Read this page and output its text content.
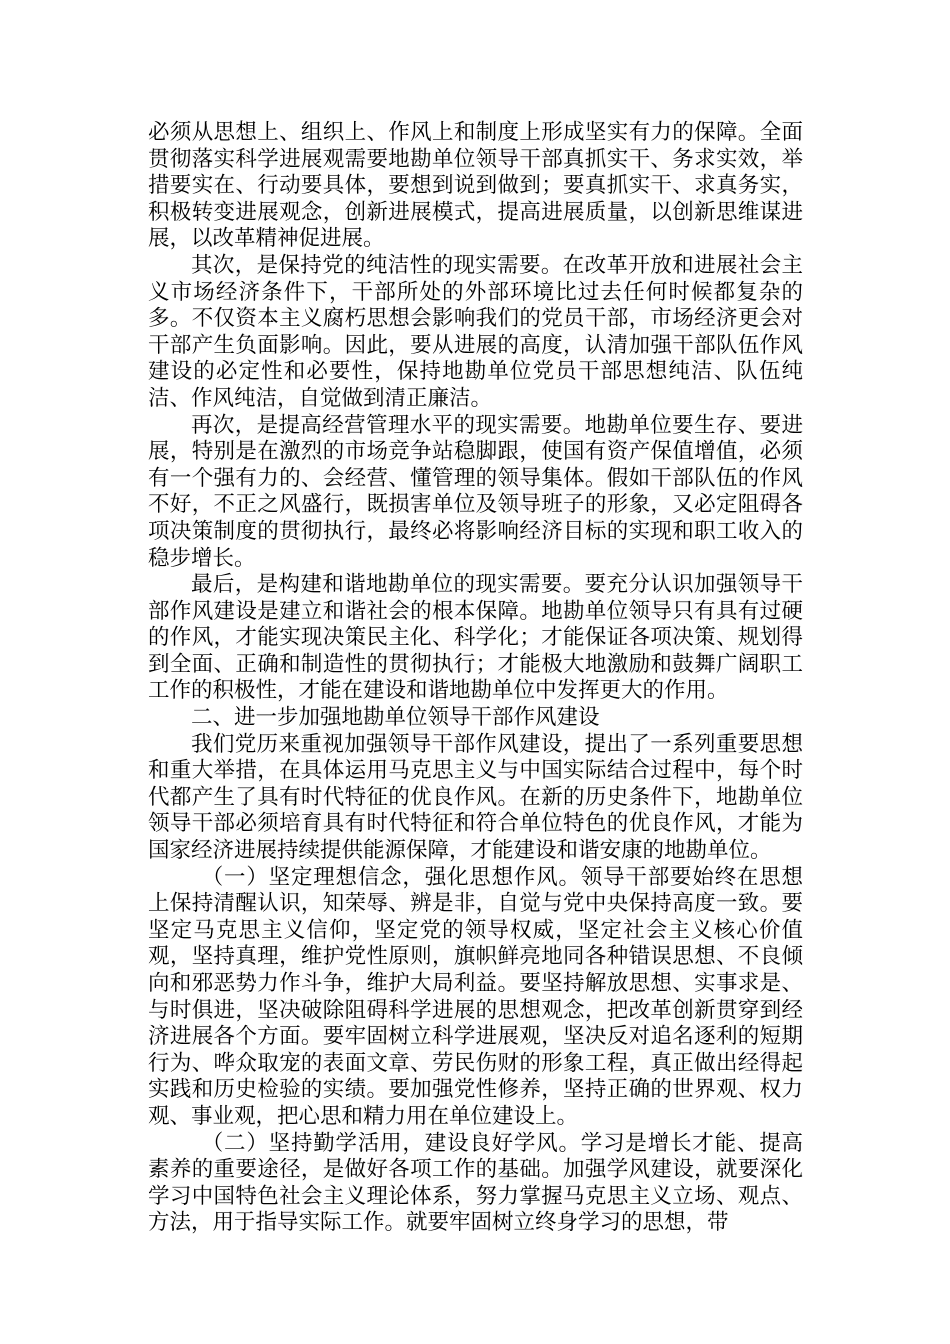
必须从思想上、组织上、作风上和制度上形成坚实有力的保障。全面贯彻落实科学进展观需要地勘单位领导干部真抓实干、务求实效，举措要实在、行动要具体，要想到说到做到；要真抓实干、求真务实，积极转变进展观念，创新进展模式，提高进展质量，以创新思维谋进展，以改革精神促进展。

其次，是保持党的纯洁性的现实需要。在改革开放和进展社会主义市场经济条件下，干部所处的外部环境比过去任何时候都复杂的多。不仅资本主义腐朽思想会影响我们的党员干部，市场经济更会对干部产生负面影响。因此，要从进展的高度，认清加强干部队伍作风建设的必定性和必要性，保持地勘单位党员干部思想纯洁、队伍纯洁、作风纯洁，自觉做到清正廉洁。

再次，是提高经营管理水平的现实需要。地勘单位要生存、要进展，特别是在激烈的市场竞争站稳脚跟，使国有资产保值增值，必须有一个强有力的、会经营、懂管理的领导集体。假如干部队伍的作风不好，不正之风盛行，既损害单位及领导班子的形象，又必定阻碍各项决策制度的贯彻执行，最终必将影响经济目标的实现和职工收入的稳步增长。

最后，是构建和谐地勘单位的现实需要。要充分认识加强领导干部作风建设是建立和谐社会的根本保障。地勘单位领导只有具有过硬的作风，才能实现决策民主化、科学化；才能保证各项决策、规划得到全面、正确和制造性的贯彻执行；才能极大地激励和鼓舞广阔职工工作的积极性，才能在建设和谐地勘单位中发挥更大的作用。

二、进一步加强地勘单位领导干部作风建设

我们党历来重视加强领导干部作风建设，提出了一系列重要思想和重大举措，在具体运用马克思主义与中国实际结合过程中，每个时代都产生了具有时代特征的优良作风。在新的历史条件下，地勘单位领导干部必须培育具有时代特征和符合单位特色的优良作风，才能为国家经济进展持续提供能源保障，才能建设和谐安康的地勘单位。

（一）坚定理想信念，强化思想作风。领导干部要始终在思想上保持清醒认识，知荣辱、辨是非，自觉与党中央保持高度一致。要坚定马克思主义信仰，坚定党的领导权威，坚定社会主义核心价值观，坚持真理，维护党性原则，旗帜鲜亮地同各种错误思想、不良倾向和邪恶势力作斗争，维护大局利益。要坚持解放思想、实事求是、与时俱进，坚决破除阻碍科学进展的思想观念，把改革创新贯穿到经济进展各个方面。要牢固树立科学进展观，坚决反对追名逐利的短期行为、哗众取宠的表面文章、劳民伤财的形象工程，真正做出经得起实践和历史检验的实绩。要加强党性修养，坚持正确的世界观、权力观、事业观，把心思和精力用在单位建设上。

（二）坚持勤学活用，建设良好学风。学习是增长才能、提高素养的重要途径，是做好各项工作的基础。加强学风建设，就要深化学习中国特色社会主义理论体系，努力掌握马克思主义立场、观点、方法，用于指导实际工作。就要牢固树立终身学习的思想，带
